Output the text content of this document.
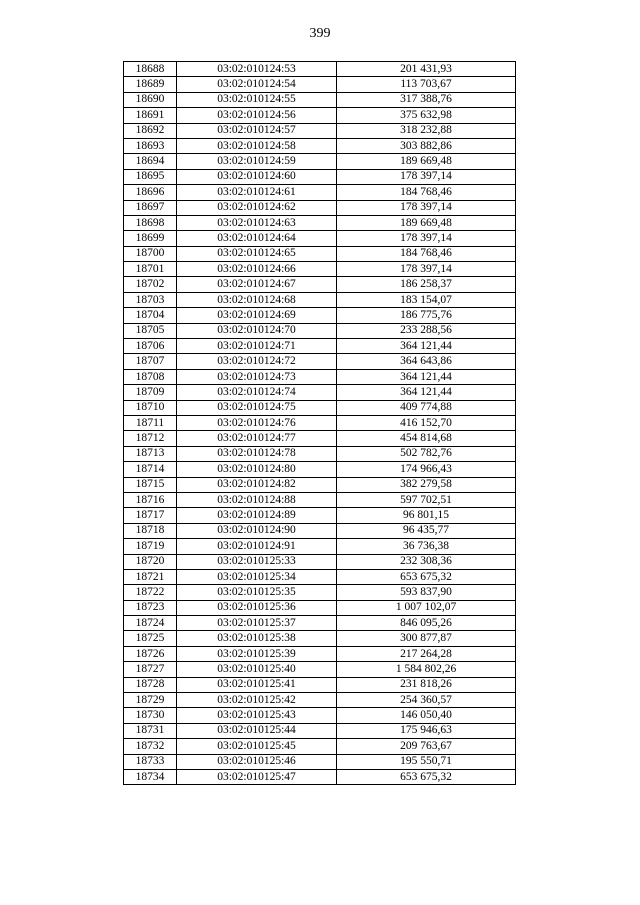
399
18688	03:02:010124:53	201 431,93
18689	03:02:010124:54	113 703,67
18690	03:02:010124:55	317 388,76
18691	03:02:010124:56	375 632,98
18692	03:02:010124:57	318 232,88
18693	03:02:010124:58	303 882,86
18694	03:02:010124:59	189 669,48
18695	03:02:010124:60	178 397,14
18696	03:02:010124:61	184 768,46
18697	03:02:010124:62	178 397,14
18698	03:02:010124:63	189 669,48
18699	03:02:010124:64	178 397,14
18700	03:02:010124:65	184 768,46
18701	03:02:010124:66	178 397,14
18702	03:02:010124:67	186 258,37
18703	03:02:010124:68	183 154,07
18704	03:02:010124:69	186 775,76
18705	03:02:010124:70	233 288,56
18706	03:02:010124:71	364 121,44
18707	03:02:010124:72	364 643,86
18708	03:02:010124:73	364 121,44
18709	03:02:010124:74	364 121,44
18710	03:02:010124:75	409 774,88
18711	03:02:010124:76	416 152,70
18712	03:02:010124:77	454 814,68
18713	03:02:010124:78	502 782,76
18714	03:02:010124:80	174 966,43
18715	03:02:010124:82	382 279,58
18716	03:02:010124:88	597 702,51
18717	03:02:010124:89	96 801,15
18718	03:02:010124:90	96 435,77
18719	03:02:010124:91	36 736,38
18720	03:02:010125:33	232 308,36
18721	03:02:010125:34	653 675,32
18722	03:02:010125:35	593 837,90
18723	03:02:010125:36	1 007 102,07
18724	03:02:010125:37	846 095,26
18725	03:02:010125:38	300 877,87
18726	03:02:010125:39	217 264,28
18727	03:02:010125:40	1 584 802,26
18728	03:02:010125:41	231 818,26
18729	03:02:010125:42	254 360,57
18730	03:02:010125:43	146 050,40
18731	03:02:010125:44	175 946,63
18732	03:02:010125:45	209 763,67
18733	03:02:010125:46	195 550,71
18734	03:02:010125:47	653 675,32
